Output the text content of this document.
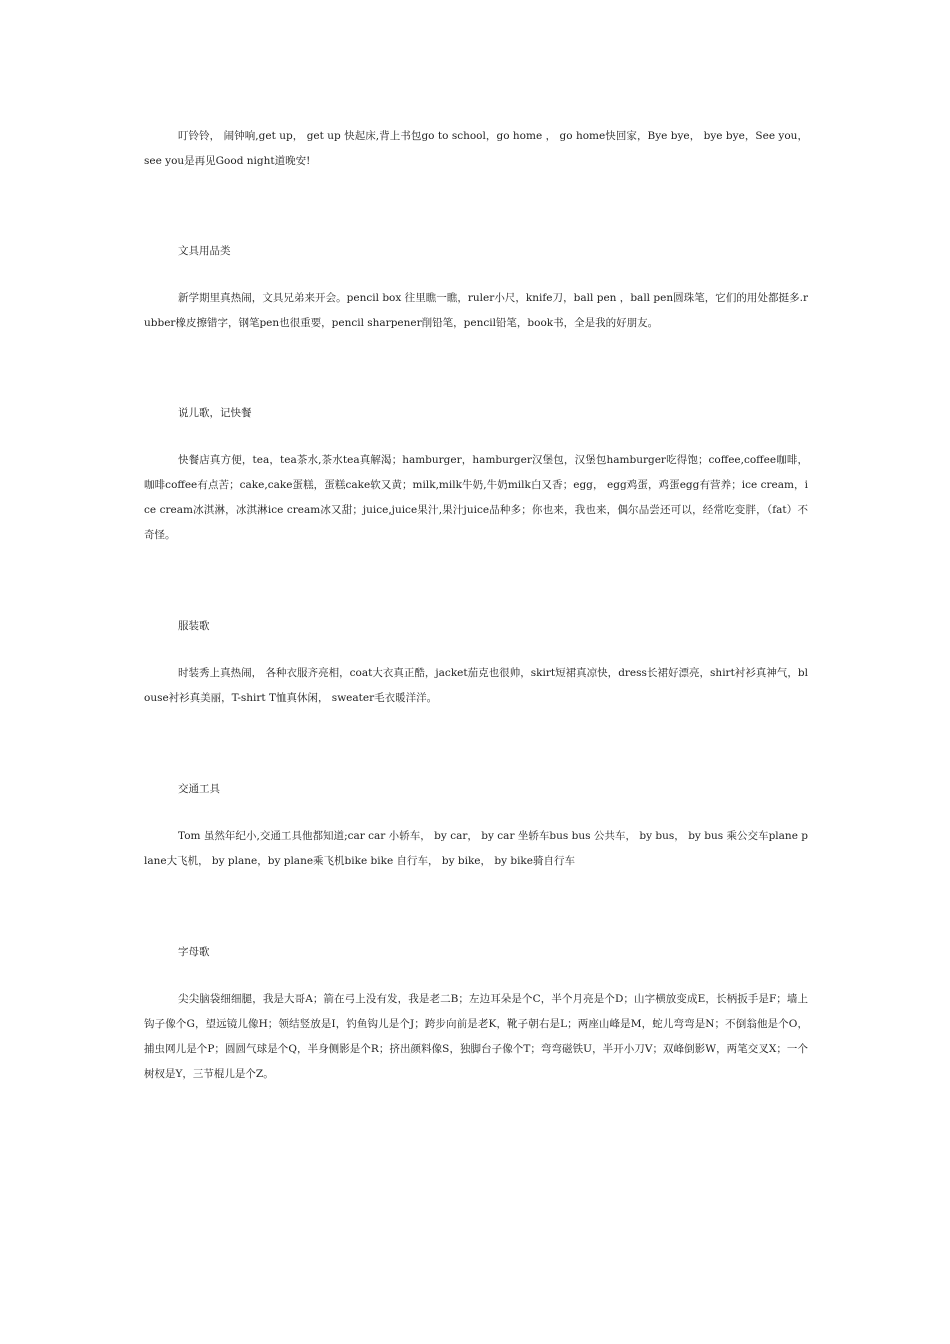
叮铃铃， 闹钟响,get up， get up 快起床,背上书包go to school，go home ， go home快回家，Bye bye， bye bye，See you， see you是再见Good night道晚安!

文具用品类

新学期里真热闹，文具兄弟来开会。pencil box 往里瞧一瞧，ruler小尺，knife刀，ball pen ，ball pen圆珠笔，它们的用处都挺多.rubber橡皮擦错字，钢笔pen也很重要，pencil sharpener削铅笔，pencil铅笔，book书，全是我的好朋友。

说儿歌，记快餐

快餐店真方便，tea，tea茶水,茶水tea真解渴；hamburger，hamburger汉堡包，汉堡包hamburger吃得饱；coffee,coffee咖啡，咖啡coffee有点苦；cake,cake蛋糕，蛋糕cake软又黄；milk,milk牛奶,牛奶milk白又香；egg， egg鸡蛋，鸡蛋egg有营养；ice cream，ice cream冰淇淋，冰淇淋ice cream冰又甜；juice,juice果汁,果汁juice品种多；你也来，我也来，偶尔品尝还可以，经常吃变胖，（fat）不奇怪。

服装歌

时装秀上真热闹， 各种衣服齐亮相，coat大衣真正酷，jacket茄克也很帅，skirt短裙真凉快，dress长裙好漂亮，shirt衬衫真神气，blouse衬衫真美丽，T-shirt T恤真休闲， sweater毛衣暖洋洋。

交通工具

Tom 虽然年纪小,交通工具他都知道;car car 小轿车， by car， by car 坐轿车bus bus 公共车， by bus， by bus 乘公交车plane plane大飞机， by plane，by plane乘飞机bike bike 自行车， by bike， by bike骑自行车

字母歌

尖尖脑袋细细腿，我是大哥A；箭在弓上没有发，我是老二B；左边耳朵是个C，半个月亮是个D；山字横放变成E，长柄扳手是F；墙上钩子像个G，望远镜儿像H；领结竖放是I，钓鱼钩儿是个J；跨步向前是老K，靴子朝右是L；两座山峰是M，蛇儿弯弯是N；不倒翁他是个O，捕虫网儿是个P；圆圆气球是个Q，半身侧影是个R；挤出颜料像S，独脚台子像个T；弯弯磁铁U，半开小刀V；双峰倒影W，两笔交叉X；一个树杈是Y，三节棍儿是个Z。
